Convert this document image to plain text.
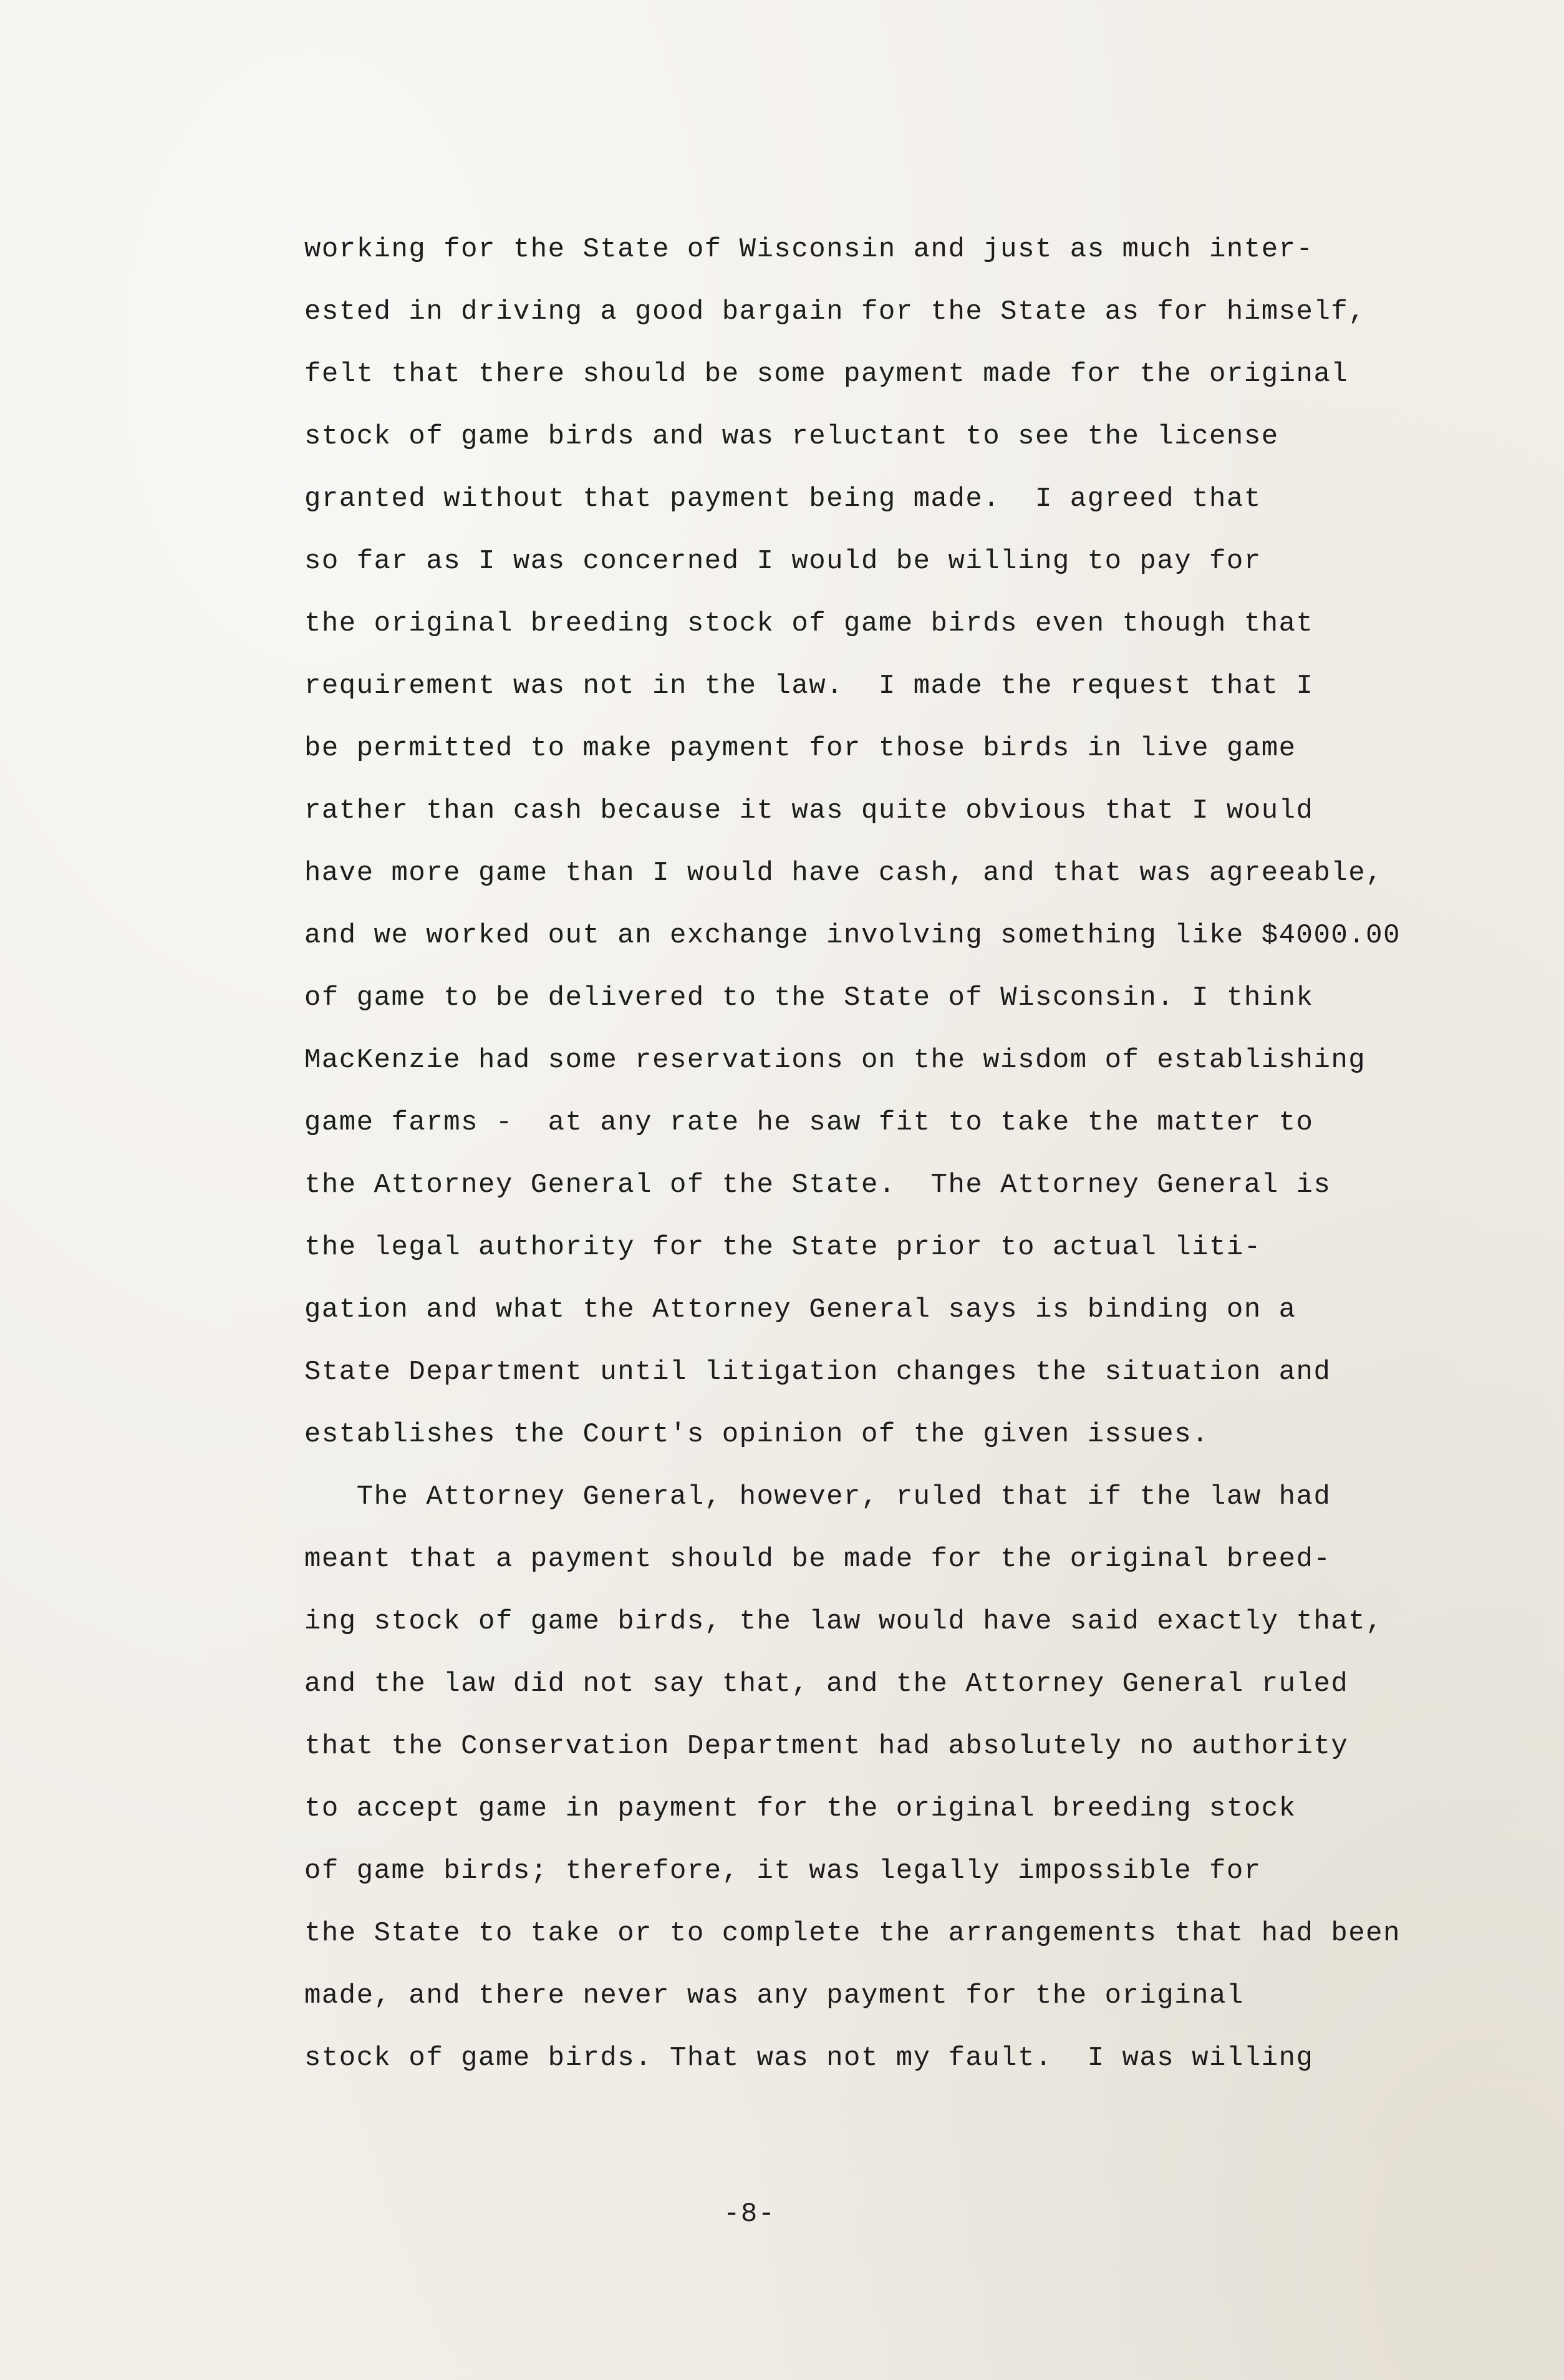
working for the State of Wisconsin and just as much inter-
ested in driving a good bargain for the State as for himself,
felt that there should be some payment made for the original
stock of game birds and was reluctant to see the license
granted without that payment being made.  I agreed that
so far as I was concerned I would be willing to pay for
the original breeding stock of game birds even though that
requirement was not in the law.  I made the request that I
be permitted to make payment for those birds in live game
rather than cash because it was quite obvious that I would
have more game than I would have cash, and that was agreeable,
and we worked out an exchange involving something like $4000.00
of game to be delivered to the State of Wisconsin. I think
MacKenzie had some reservations on the wisdom of establishing
game farms -  at any rate he saw fit to take the matter to
the Attorney General of the State.  The Attorney General is
the legal authority for the State prior to actual liti-
gation and what the Attorney General says is binding on a
State Department until litigation changes the situation and
establishes the Court's opinion of the given issues.
The Attorney General, however, ruled that if the law had
meant that a payment should be made for the original breed-
ing stock of game birds, the law would have said exactly that,
and the law did not say that, and the Attorney General ruled
that the Conservation Department had absolutely no authority
to accept game in payment for the original breeding stock
of game birds; therefore, it was legally impossible for
the State to take or to complete the arrangements that had been
made, and there never was any payment for the original
stock of game birds. That was not my fault.  I was willing
-8-
